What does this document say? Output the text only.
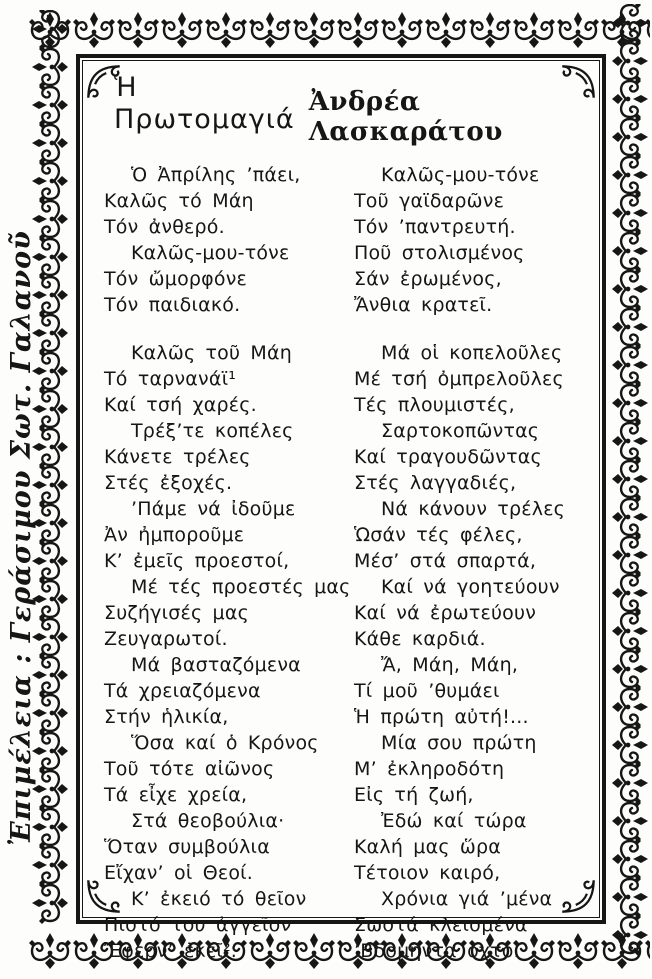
Ἐπιμέλεια : Γεράσιμου Σωτ. Γαλανοῦ
Ἡ Πρωτομαγιά
Ἀνδρέα Λασκαράτου
Ὁ Ἀπρίλης ’πάει,
Καλῶς τό Μάη
Τόν ἀνθερό.
Καλῶς-μου-τόνε
Τόν ὤμορφόνε
Τόν παιδιακό.
Καλῶς τοῦ Μάη
Τό ταρνανάϊ¹
Καί τσή χαρές.
Τρέξ’τε κοπέλες
Κάνετε τρέλες
Στές ἐξοχές.
’Πάμε νά ἰδοῦμε
Ἀν ἠμποροῦμε
Κ’ ἐμεῖς προεστοί,
Μέ τές προεστές μας
Συζήγισές μας
Ζευγαρωτοί.
Μά βασταζόμενα
Τά χρειαζόμενα
Στήν ἡλικία,
Ὅσα καί ὁ Κρόνος
Τοῦ τότε αἰῶνος
Τά εἶχε χρεία,
Στά θεοβούλια·
Ὅταν συμβούλια
Εἴχαν’ οἱ Θεοί.
Κ’ ἐκειό τό θεῖον
Πιστό του ἀγγεῖον
Ἔφερν’ ἐκεῖ².
Καλῶς-μου-τόνε
Τοῦ γαϊδαρῶνε
Τόν ’παντρευτή.
Ποῦ στολισμένος
Σάν ἐρωμένος,
Ἄνθια κρατεῖ.
Μά οἱ κοπελοῦλες
Μέ τσή ὀμπρελοῦλες
Τές πλουμιστές,
Σαρτοκοπῶντας
Καί τραγουδῶντας
Στές λαγγαδιές,
Νά κάνουν τρέλες
Ὡσάν τές φέλες,
Μέσ’ στά σπαρτά,
Καί νά γοητεύουν
Καί νά ἐρωτεύουν
Κάθε καρδιά.
Ἄ, Μάη, Μάη,
Τί μοῦ ’θυμάει
Ἡ πρώτη αὐτή!...
Μία σου πρώτη
Μ’ ἐκληροδότη
Εἰς τή ζωή,
Ἐδώ καί τώρα
Καλή μας ὥρα
Τέτοιον καιρό,
Χρόνια γιά ’μένα
Σωστά κλεισμένα
’Βδομῆντα ὀχτό.
